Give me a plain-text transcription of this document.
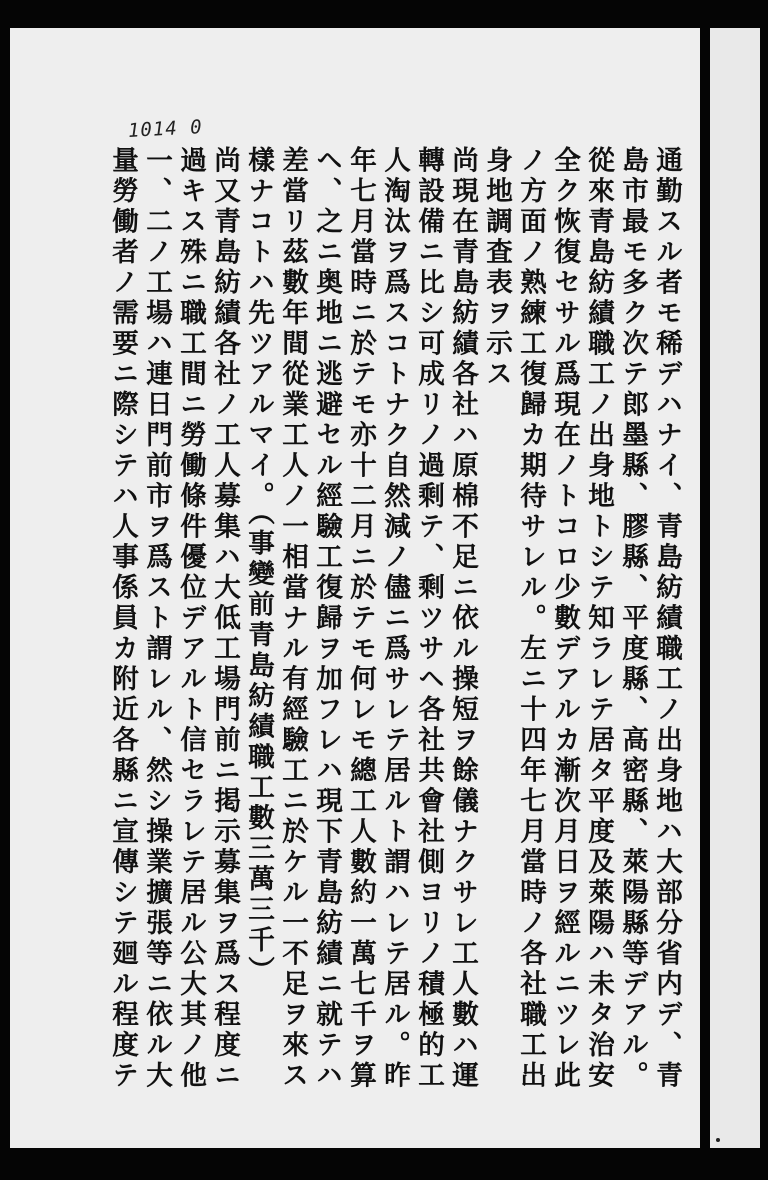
1014 0
通勤スル者モ稀デハナイ、青島紡績職工ノ出身地ハ大部分省内デ、青
島市最モ多ク次テ郎墨縣、膠縣、平度縣、高密縣、萊陽縣等デアル。
從來青島紡績職工ノ出身地トシテ知ラレテ居タ平度及萊陽ハ未タ治安
全ク恢復セサル爲現在ノトコロ少數デアルカ漸次月日ヲ經ルニツレ此
ノ方面ノ熟練工復歸カ期待サレル。左ニ十四年七月當時ノ各社職工出
身地調査表ヲ示ス
尚現在青島紡績各社ハ原棉不足ニ依ル操短ヲ餘儀ナクサレ工人數ハ運
轉設備ニ比シ可成リノ過剩テ、剩ツサヘ各社共會社側ヨリノ積極的工
人淘汰ヲ爲スコトナク自然減ノ儘ニ爲サレテ居ルト謂ハレテ居ル。昨
年七月當時ニ於テモ亦十二月ニ於テモ何レモ總工人數約一萬七千ヲ算
ヘ、之ニ奥地ニ逃避セル經驗工復歸ヲ加フレハ現下青島紡績ニ就テハ
差當リ茲數年間從業工人ノ一相當ナル有經驗工ニ於ケル一不足ヲ來ス
樣ナコトハ先ツアルマイ。（事變前青島紡績職工數三萬三千）
尚又青島紡績各社ノ工人募集ハ大低工場門前ニ掲示募集ヲ爲ス程度ニ
過キス殊ニ職工間ニ勞働條件優位デアルト信セラレテ居ル公大其ノ他
一、二ノ工場ハ連日門前市ヲ爲スト謂レル、然シ操業擴張等ニ依ル大
量勞働者ノ需要ニ際シテハ人事係員カ附近各縣ニ宣傳シテ廻ル程度テ
